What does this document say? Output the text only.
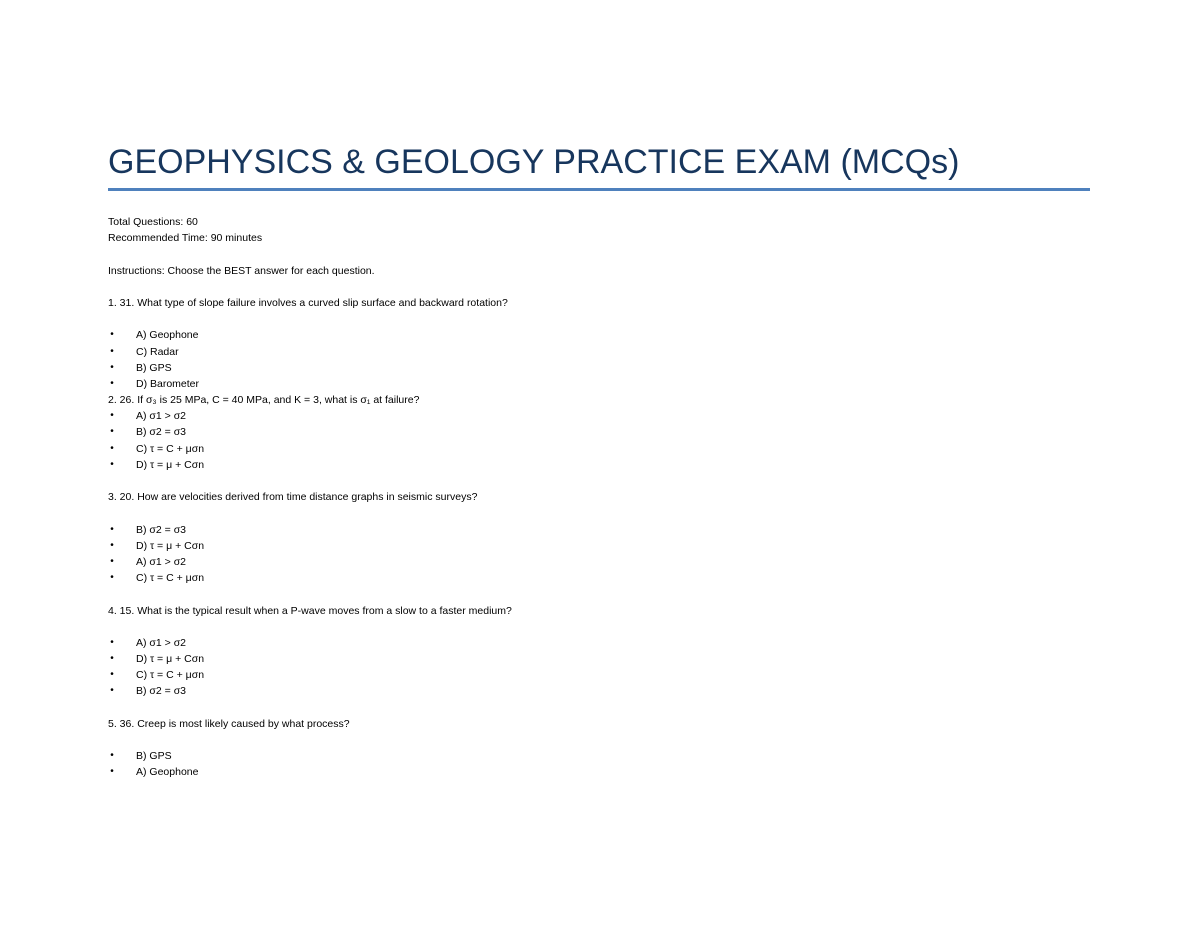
GEOPHYSICS & GEOLOGY PRACTICE EXAM (MCQs)
Total Questions: 60
Recommended Time: 90 minutes
Instructions: Choose the BEST answer for each question.
1. 31. What type of slope failure involves a curved slip surface and backward rotation?
• A) Geophone
• C) Radar
• B) GPS
• D) Barometer
2. 26. If σ₃ is 25 MPa, C = 40 MPa, and K = 3, what is σ₁ at failure?
• A) σ1 > σ2
• B) σ2 = σ3
• C) τ = C + μσn
• D) τ = μ + Cσn
3. 20. How are velocities derived from time distance graphs in seismic surveys?
• B) σ2 = σ3
• D) τ = μ + Cσn
• A) σ1 > σ2
• C) τ = C + μσn
4. 15. What is the typical result when a P-wave moves from a slow to a faster medium?
• A) σ1 > σ2
• D) τ = μ + Cσn
• C) τ = C + μσn
• B) σ2 = σ3
5. 36. Creep is most likely caused by what process?
• B) GPS
• A) Geophone
